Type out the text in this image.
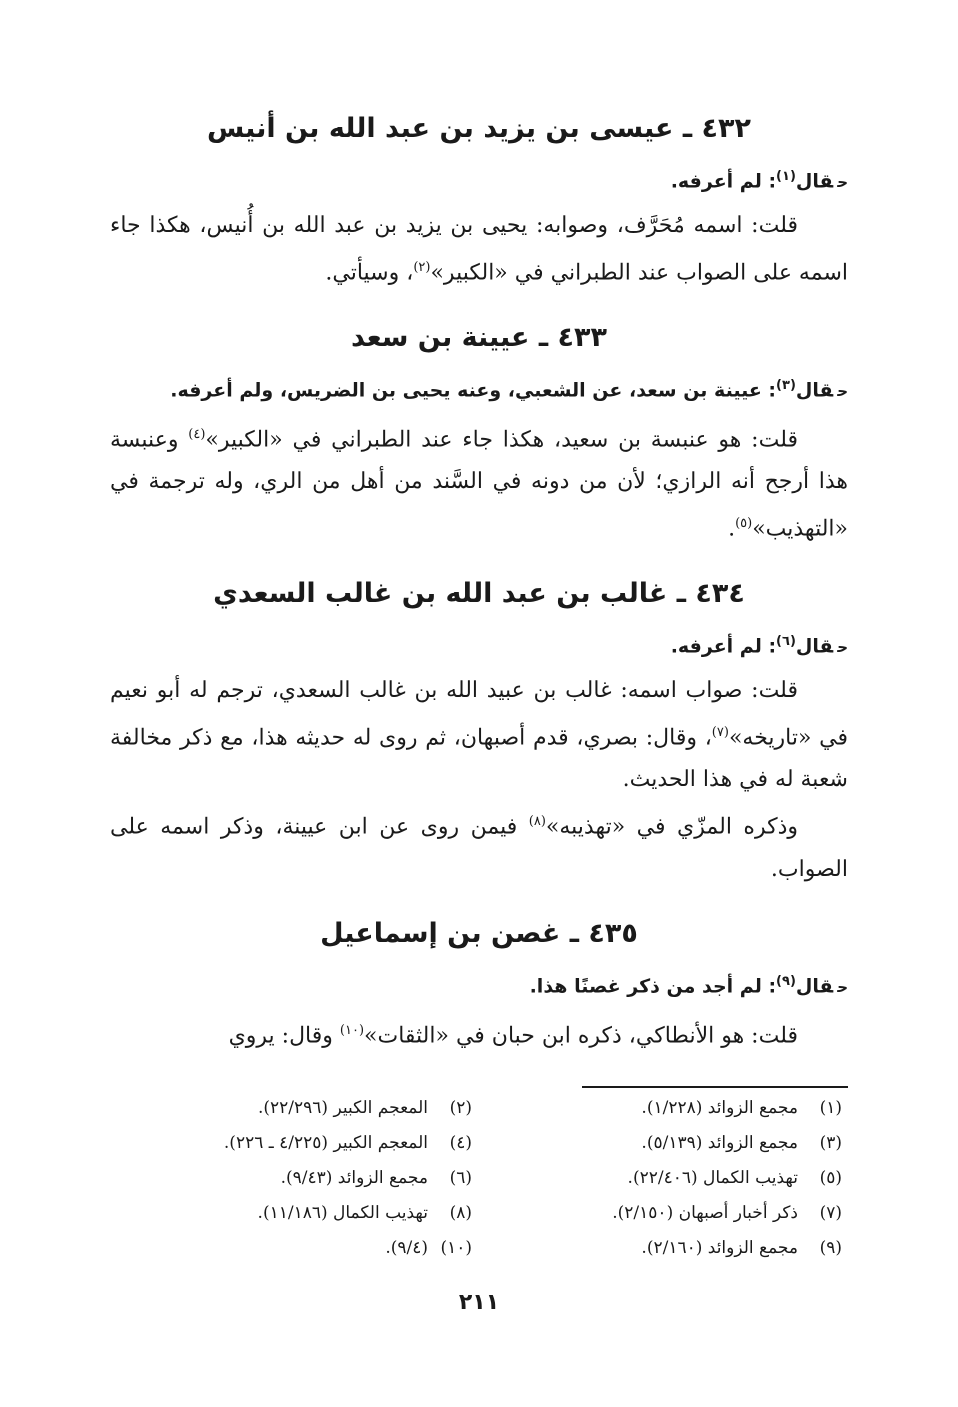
٤٣٢ ـ عيسى بن يزيد بن عبد الله بن أنيس

حقال$^{(١)}$: لم أعرفه.

قلت: اسمه مُحَرَّف، وصوابه: يحيى بن يزيد بن عبد الله بن أُنيس، هكذا جاء اسمه على الصواب عند الطبراني في «الكبير»$^{(٢)}$، وسيأتي.

٤٣٣ ـ عيينة بن سعد

حقال$^{(٣)}$: عيينة بن سعد، عن الشعبي، وعنه يحيى بن الضريس، ولم أعرفه.

قلت: هو عنبسة بن سعيد، هكذا جاء عند الطبراني في «الكبير»$^{(٤)}$ وعنبسة هذا أرجح أنه الرازي؛ لأن من دونه في السَّند من أهل من الري، وله ترجمة في «التهذيب»$^{(٥)}$.

٤٣٤ ـ غالب بن عبد الله بن غالب السعدي

حقال$^{(٦)}$: لم أعرفه.

قلت: صواب اسمه: غالب بن عبيد الله بن غالب السعدي، ترجم له أبو نعيم في «تاريخه»$^{(٧)}$، وقال: بصري، قدم أصبهان، ثم روى له حديثه هذا، مع ذكر مخالفة شعبة له في هذا الحديث.

وذكره المزّي في «تهذيبه»$^{(٨)}$ فيمن روى عن ابن عيينة، وذكر اسمه على الصواب.

٤٣٥ ـ غصن بن إسماعيل

حقال$^{(٩)}$: لم أجد من ذكر غصنًا هذا.

قلت: هو الأنطاكي، ذكره ابن حبان في «الثقات»$^{(١٠)}$ وقال: يروي

(١)مجمع الزوائد (١/٢٢٨).
(٢)المعجم الكبير (٢٢/٢٩٦).
(٣)مجمع الزوائد (٥/١٣٩).
(٤)المعجم الكبير (٤/٢٢٥ ـ ٢٢٦).
(٥)تهذيب الكمال (٢٢/٤٠٦).
(٦)مجمع الزوائد (٩/٤٣).
(٧)ذكر أخبار أصبهان (٢/١٥٠).
(٨)تهذيب الكمال (١١/١٨٦).
(٩)مجمع الزوائد (٢/١٦٠).
(١٠)(٩/٤).
٢١١
